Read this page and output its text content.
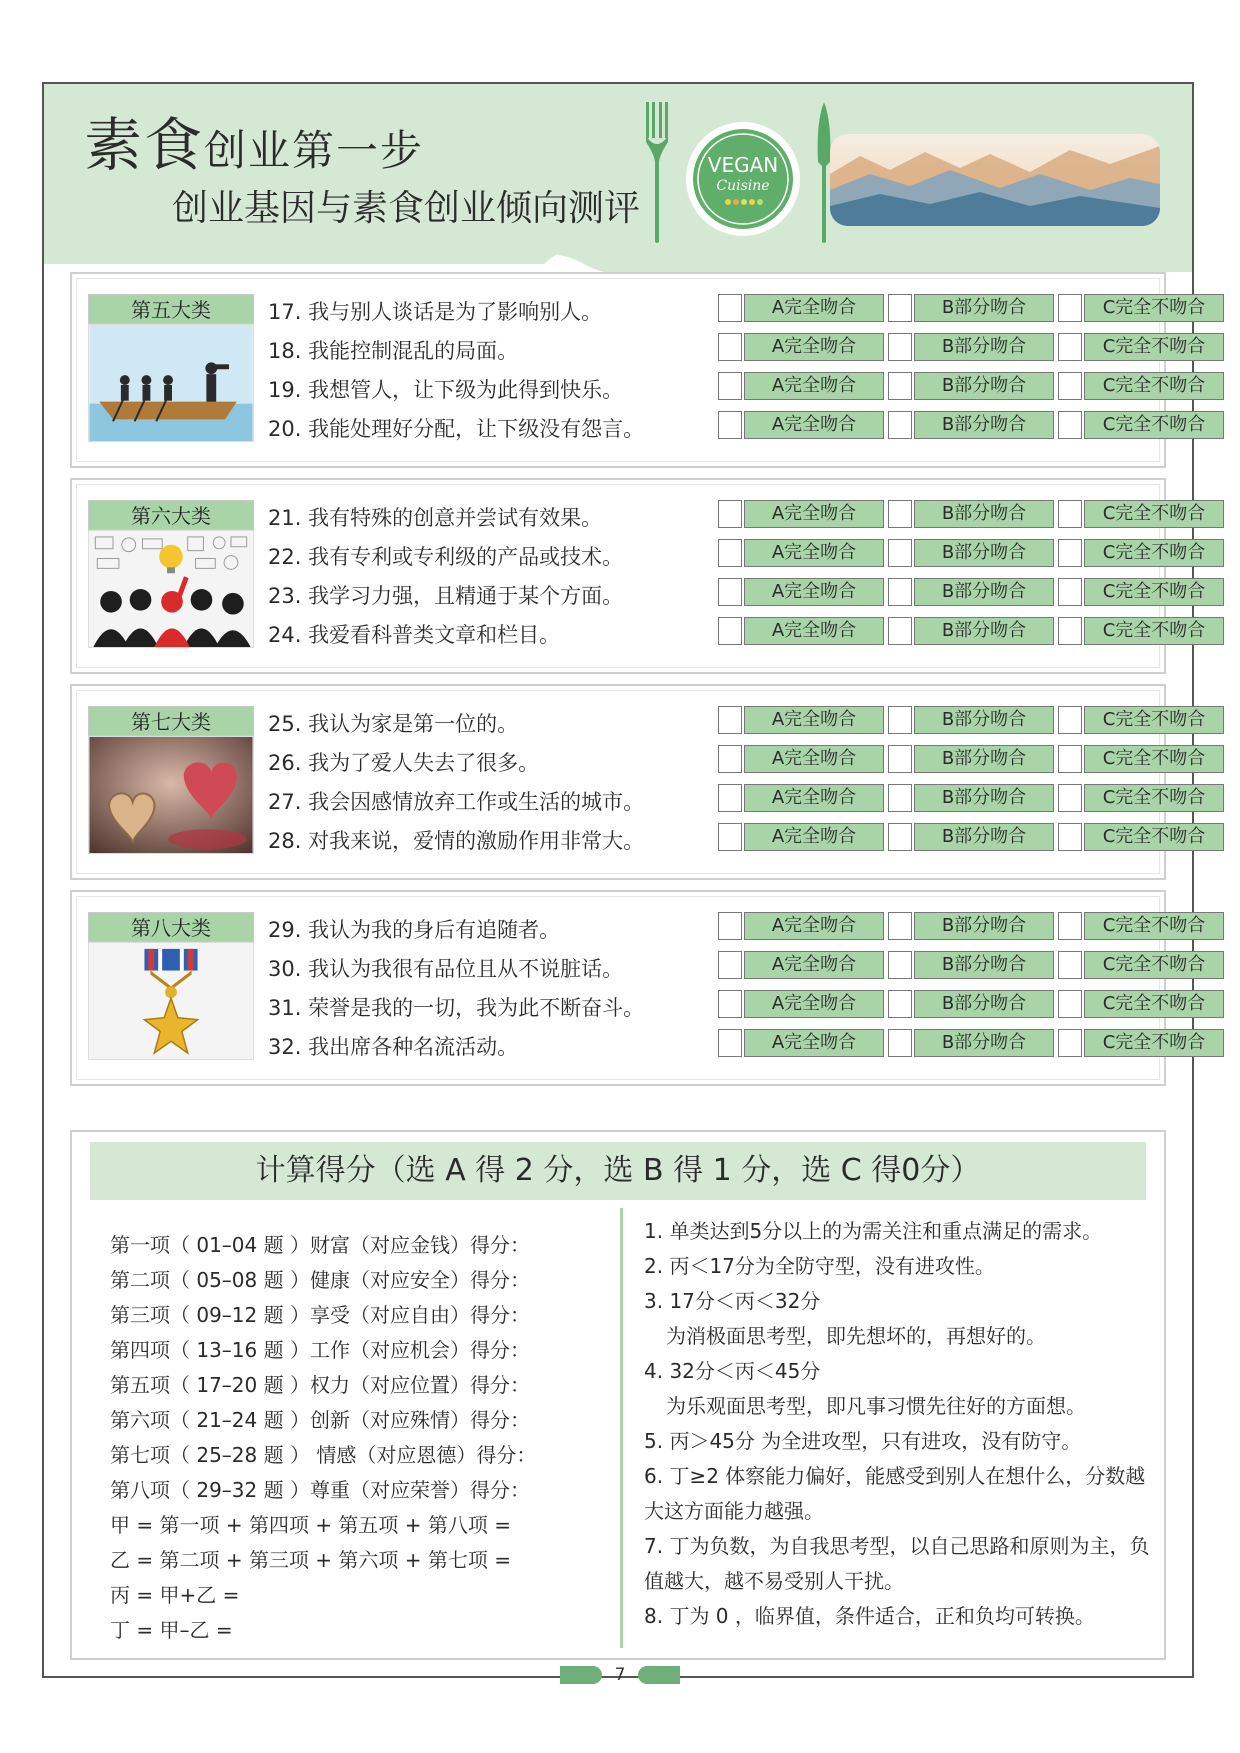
素食创业第一步
创业基因与素食创业倾向测评
VEGAN
Cuisine
第五大类	17. 我与别人谈话是为了影响别人。	A完全吻合	B部分吻合	C完全不吻合
18. 我能控制混乱的局面。	A完全吻合	B部分吻合	C完全不吻合
19. 我想管人，让下级为此得到快乐。	A完全吻合	B部分吻合	C完全不吻合
20. 我能处理好分配，让下级没有怨言。	A完全吻合	B部分吻合	C完全不吻合
第六大类	21. 我有特殊的创意并尝试有效果。	A完全吻合	B部分吻合	C完全不吻合
22. 我有专利或专利级的产品或技术。	A完全吻合	B部分吻合	C完全不吻合
23. 我学习力强，且精通于某个方面。	A完全吻合	B部分吻合	C完全不吻合
24. 我爱看科普类文章和栏目。	A完全吻合	B部分吻合	C完全不吻合
第七大类	25. 我认为家是第一位的。	A完全吻合	B部分吻合	C完全不吻合
26. 我为了爱人失去了很多。	A完全吻合	B部分吻合	C完全不吻合
27. 我会因感情放弃工作或生活的城市。	A完全吻合	B部分吻合	C完全不吻合
28. 对我来说，爱情的激励作用非常大。	A完全吻合	B部分吻合	C完全不吻合
第八大类	29. 我认为我的身后有追随者。	A完全吻合	B部分吻合	C完全不吻合
30. 我认为我很有品位且从不说脏话。	A完全吻合	B部分吻合	C完全不吻合
31. 荣誉是我的一切，我为此不断奋斗。	A完全吻合	B部分吻合	C完全不吻合
32. 我出席各种名流活动。	A完全吻合	B部分吻合	C完全不吻合
计算得分（选 A 得 2 分，选 B 得 1 分，选 C 得0分）
第一项（ 01–04 题 ）财富（对应金钱）得分：
第二项（ 05–08 题 ）健康（对应安全）得分：
第三项（ 09–12 题 ）享受（对应自由）得分：
第四项（ 13–16 题 ）工作（对应机会）得分：
第五项（ 17–20 题 ）权力（对应位置）得分：
第六项（ 21–24 题 ）创新（对应殊情）得分：
第七项（ 25–28 题 ） 情感（对应恩德）得分：
第八项（ 29–32 题 ）尊重（对应荣誉）得分：
甲 = 第一项 + 第四项 + 第五项 + 第八项 =
乙 = 第二项 + 第三项 + 第六项 + 第七项 =
丙 = 甲+乙 =
丁 = 甲–乙 =
1. 单类达到5分以上的为需关注和重点满足的需求。
2. 丙＜17分为全防守型，没有进攻性。
3. 17分＜丙＜32分
为消极面思考型，即先想坏的，再想好的。
4. 32分＜丙＜45分
为乐观面思考型，即凡事习惯先往好的方面想。
5. 丙＞45分 为全进攻型，只有进攻，没有防守。
6. 丁≥2 体察能力偏好，能感受到别人在想什么，分数越大这方面能力越强。
7. 丁为负数，为自我思考型，以自己思路和原则为主，负值越大，越不易受别人干扰。
8. 丁为 0 ，临界值，条件适合，正和负均可转换。
7
